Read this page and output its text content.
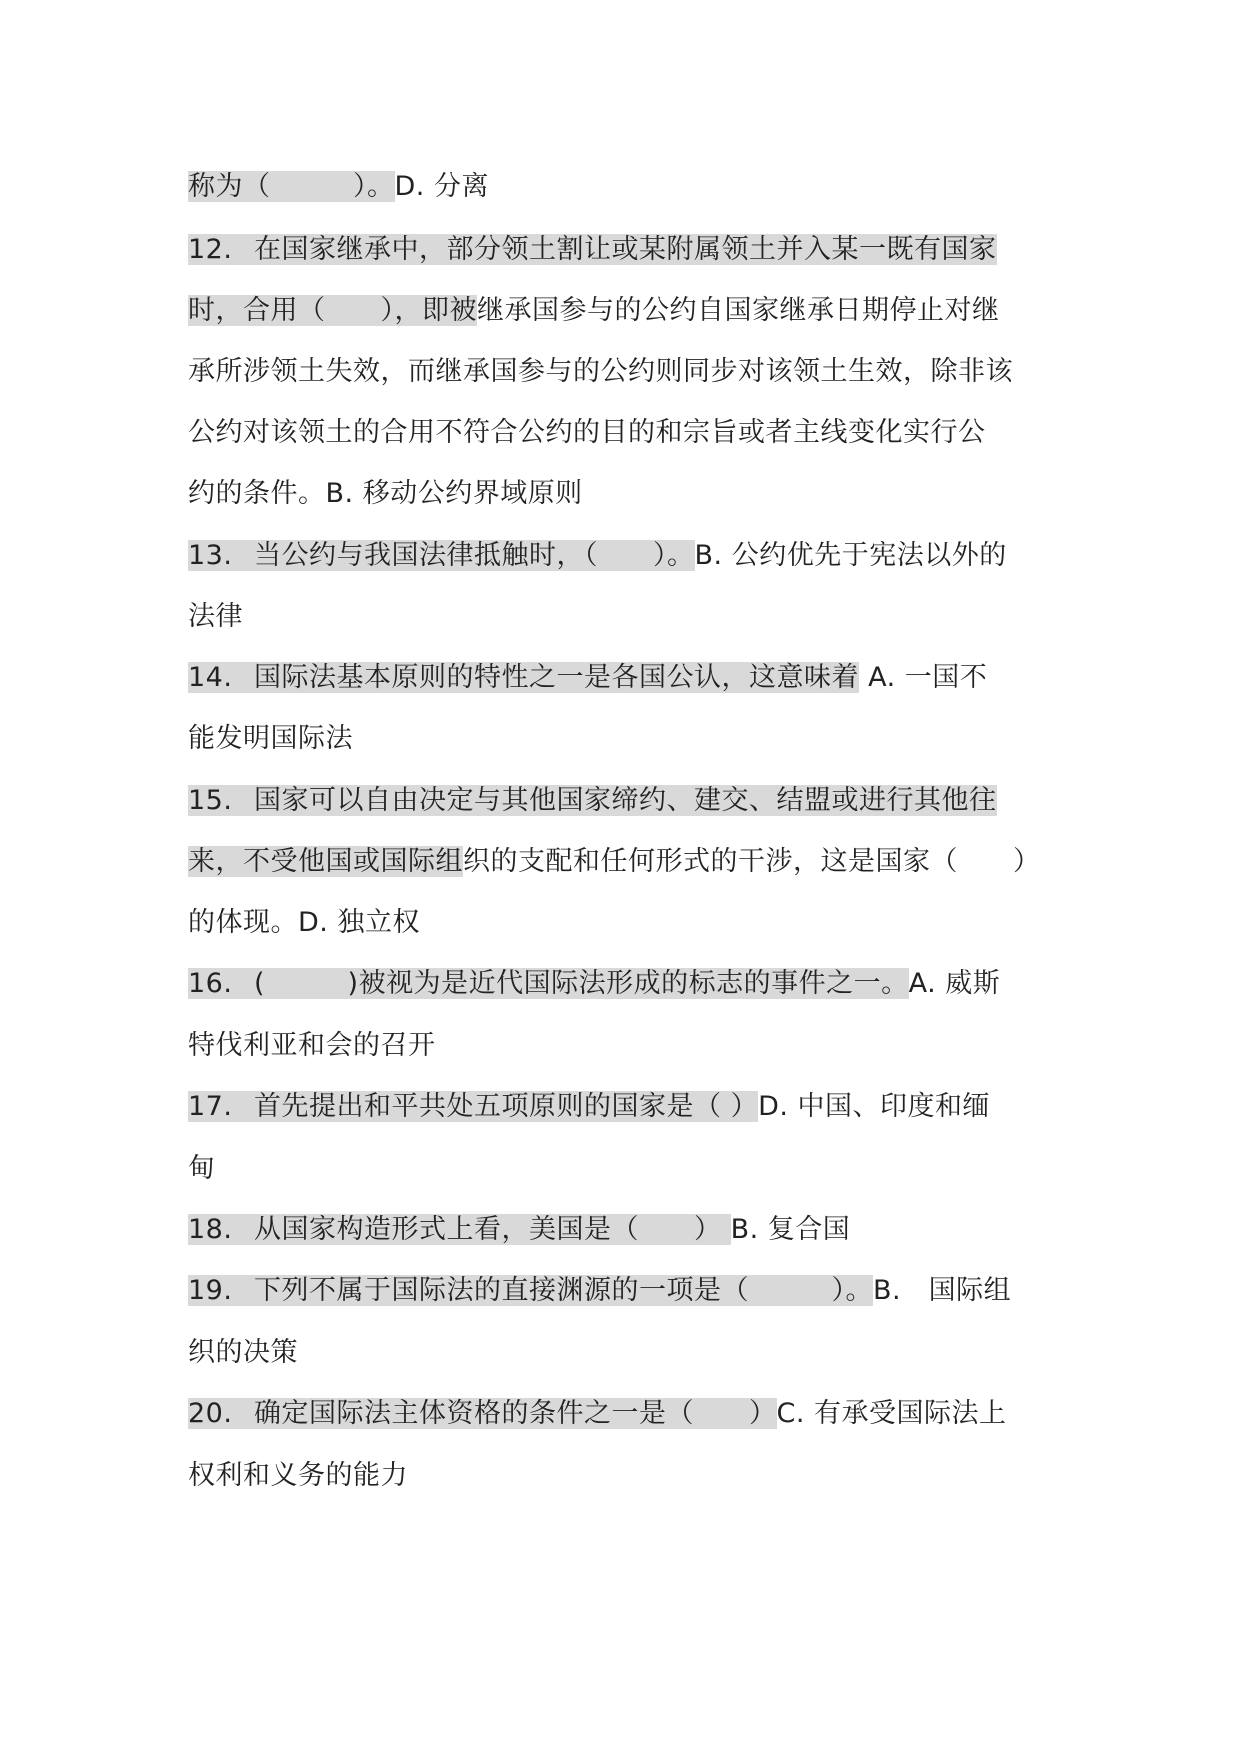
称为（　　　）。D. 分离
12. 在国家继承中，部分领土割让或某附属领土并入某一既有国家
时，合用（　　），即被继承国参与的公约自国家继承日期停止对继
承所涉领土失效，而继承国参与的公约则同步对该领土生效，除非该
公约对该领土的合用不符合公约的目的和宗旨或者主线变化实行公
约的条件。B. 移动公约界域原则
13. 当公约与我国法律抵触时，（　　）。B. 公约优先于宪法以外的
法律
14. 国际法基本原则的特性之一是各国公认，这意味着 A. 一国不
能发明国际法
15. 国家可以自由决定与其他国家缔约、建交、结盟或进行其他往
来，不受他国或国际组织的支配和任何形式的干涉，这是国家（　　）
的体现。D. 独立权
16. (　　　)被视为是近代国际法形成的标志的事件之一。A. 威斯
特伐利亚和会的召开
17. 首先提出和平共处五项原则的国家是（ ）D. 中国、印度和缅
甸
18. 从国家构造形式上看，美国是（　　） B. 复合国
19. 下列不属于国际法的直接渊源的一项是（　　　）。B.　国际组
织的决策
20. 确定国际法主体资格的条件之一是（　　）C. 有承受国际法上
权利和义务的能力
